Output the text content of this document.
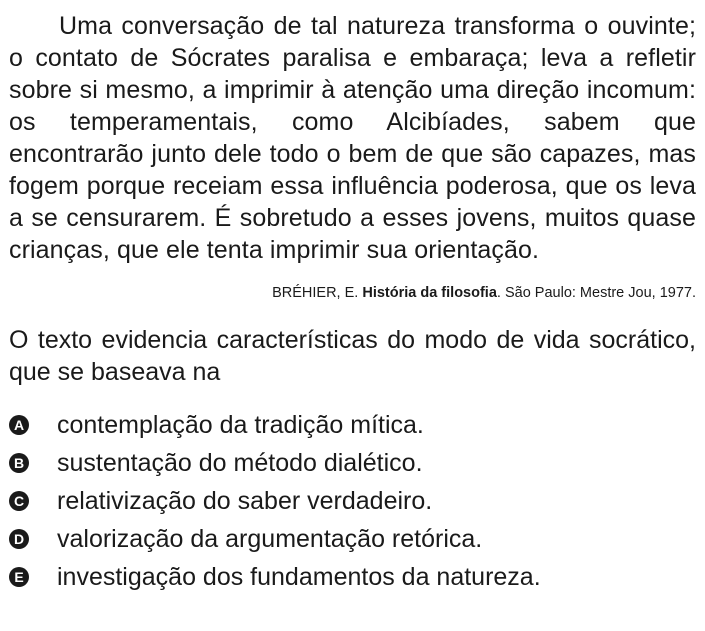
Uma conversação de tal natureza transforma o ouvinte; o contato de Sócrates paralisa e embaraça; leva a refletir sobre si mesmo, a imprimir à atenção uma direção incomum: os temperamentais, como Alcibíades, sabem que encontrarão junto dele todo o bem de que são capazes, mas fogem porque receiam essa influência poderosa, que os leva a se censurarem. É sobretudo a esses jovens, muitos quase crianças, que ele tenta imprimir sua orientação.

BRÉHIER, E. História da filosofia. São Paulo: Mestre Jou, 1977.

O texto evidencia características do modo de vida socrático, que se baseava na

A contemplação da tradição mítica.
B sustentação do método dialético.
C relativização do saber verdadeiro.
D valorização da argumentação retórica.
E investigação dos fundamentos da natureza.
